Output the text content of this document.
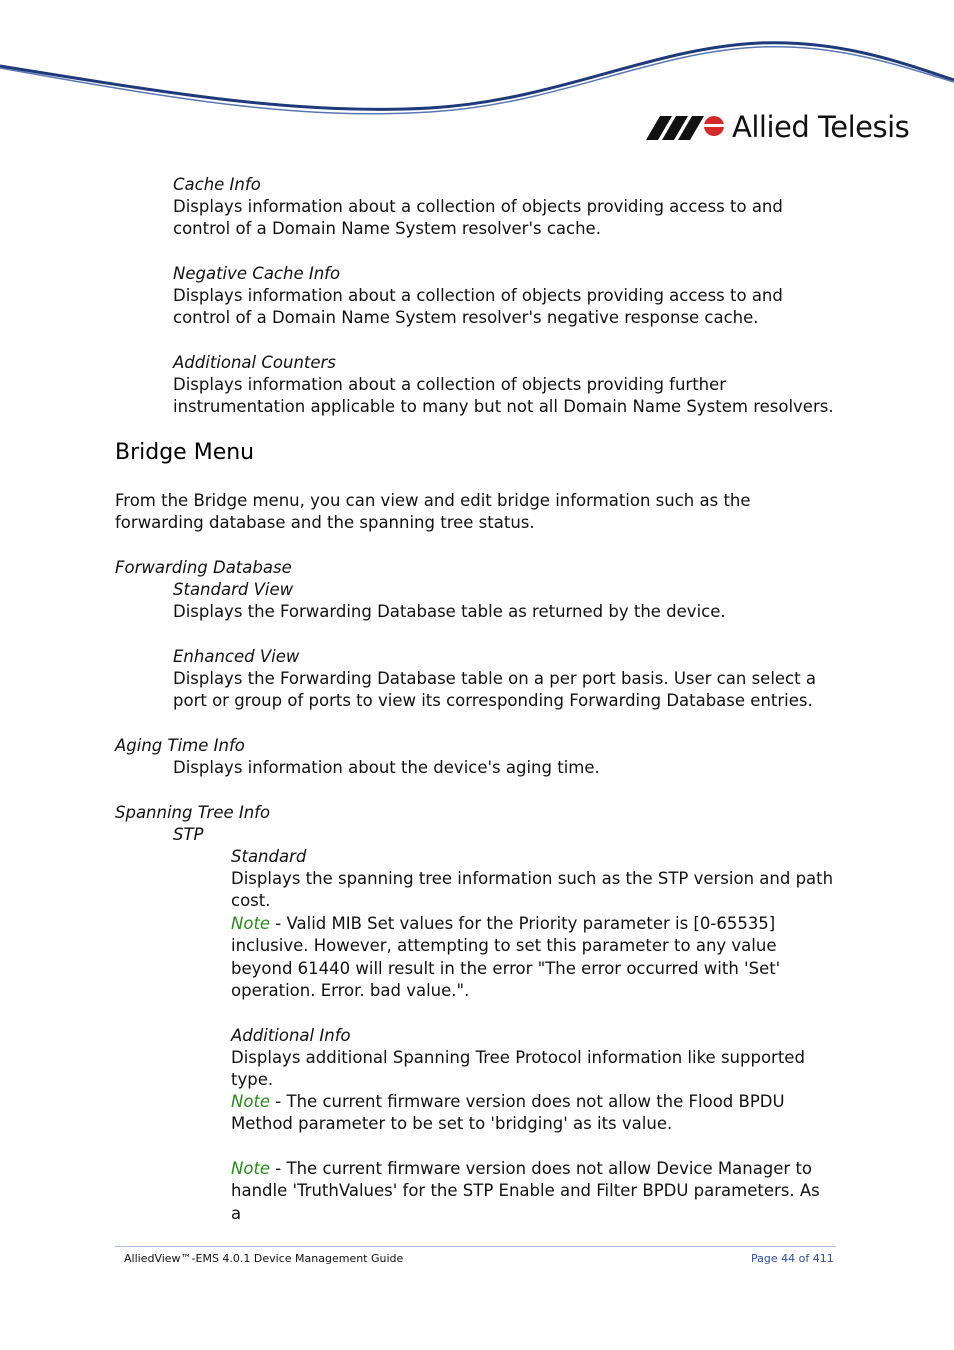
Allied Telesis
Cache Info
Displays information about a collection of objects providing access to and control of a Domain Name System resolver's cache.
Negative Cache Info
Displays information about a collection of objects providing access to and control of a Domain Name System resolver's negative response cache.
Additional Counters
Displays information about a collection of objects providing further instrumentation applicable to many but not all Domain Name System resolvers.
Bridge Menu
From the Bridge menu, you can view and edit bridge information such as the forwarding database and the spanning tree status.
Forwarding Database
Standard View
Displays the Forwarding Database table as returned by the device.
Enhanced View
Displays the Forwarding Database table on a per port basis. User can select a port or group of ports to view its corresponding Forwarding Database entries.
Aging Time Info
Displays information about the device's aging time.
Spanning Tree Info
STP
Standard
Displays the spanning tree information such as the STP version and path cost.
Note - Valid MIB Set values for the Priority parameter is [0-65535] inclusive. However, attempting to set this parameter to any value beyond 61440 will result in the error "The error occurred with 'Set' operation. Error. bad value.".
Additional Info
Displays additional Spanning Tree Protocol information like supported type.
Note - The current firmware version does not allow the Flood BPDU Method parameter to be set to 'bridging' as its value.
Note - The current firmware version does not allow Device Manager to handle 'TruthValues' for the STP Enable and Filter BPDU parameters. As a
AlliedView™-EMS 4.0.1 Device Management Guide	Page 44 of 411
